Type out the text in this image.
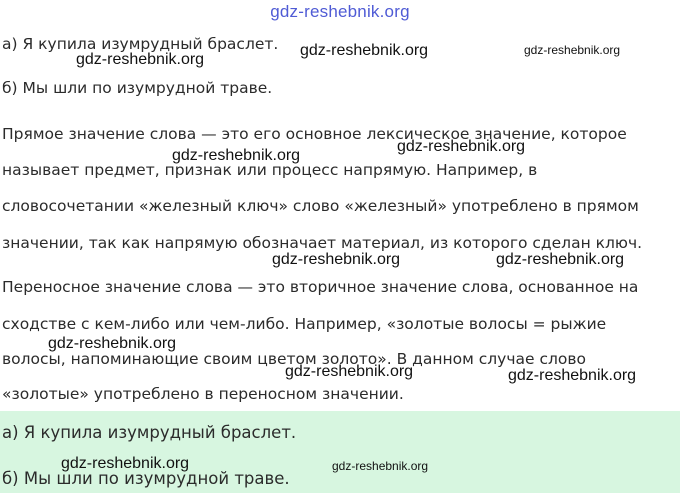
gdz-reshebnik.org
а) Я купила изумрудный браслет.
б) Мы шли по изумрудной траве.
Прямое значение слова — это его основное лексическое значение, которое
называет предмет, признак или процесс напрямую. Например, в
словосочетании «железный ключ» слово «железный» употреблено в прямом
значении, так как напрямую обозначает материал, из которого сделан ключ.
Переносное значение слова — это вторичное значение слова, основанное на
сходстве с кем-либо или чем-либо. Например, «золотые волосы = рыжие
волосы, напоминающие своим цветом золото». В данном случае слово
«золотые» употреблено в переносном значении.
а) Я купила изумрудный браслет.
б) Мы шли по изумрудной траве.
gdz-reshebnik.org	gdz-reshebnik.org
gdz-reshebnik.org
gdz-reshebnik.org
gdz-reshebnik.org
gdz-reshebnik.org	gdz-reshebnik.org
gdz-reshebnik.org
gdz-reshebnik.org	gdz-reshebnik.org
gdz-reshebnik.org	gdz-reshebnik.org
